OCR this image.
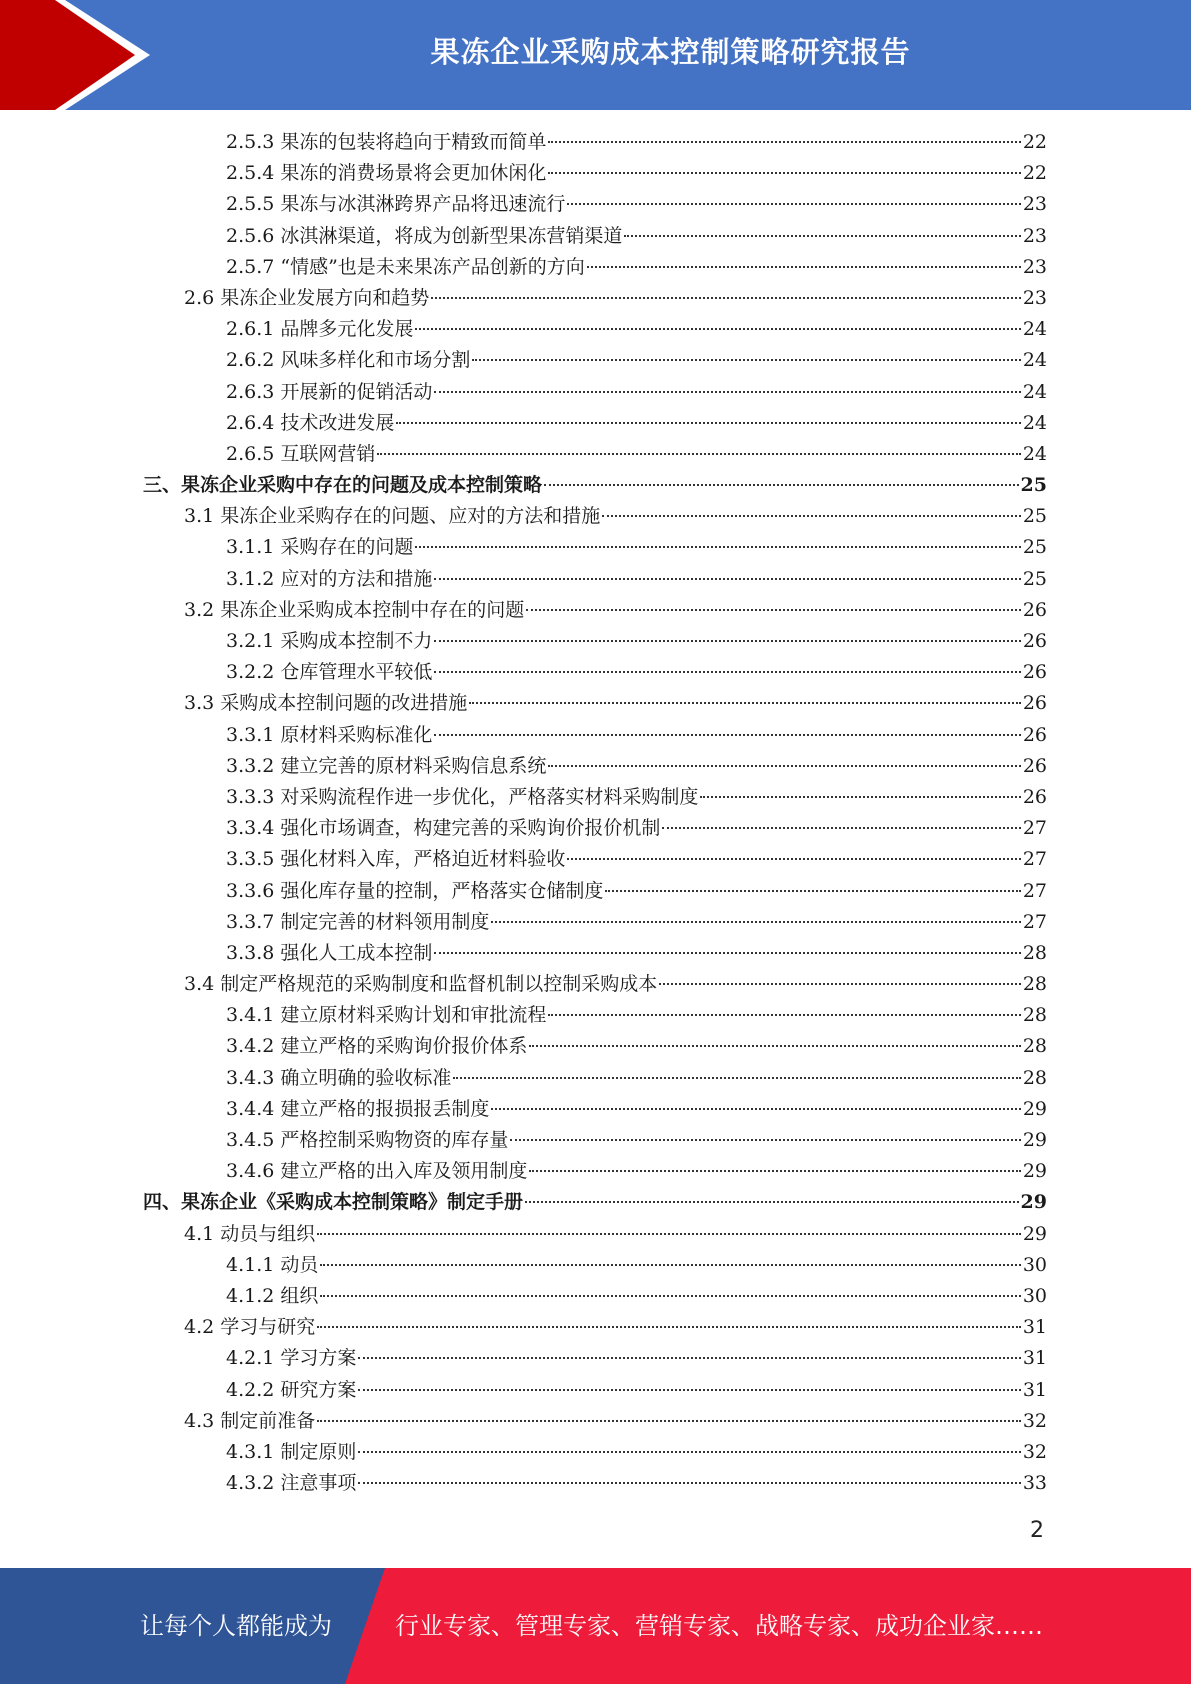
果冻企业采购成本控制策略研究报告
2.5.3 果冻的包装将趋向于精致而简单	22
2.5.4 果冻的消费场景将会更加休闲化	22
2.5.5 果冻与冰淇淋跨界产品将迅速流行	23
2.5.6 冰淇淋渠道，将成为创新型果冻营销渠道	23
2.5.7 “情感”也是未来果冻产品创新的方向	23
2.6 果冻企业发展方向和趋势	23
2.6.1 品牌多元化发展	24
2.6.2 风味多样化和市场分割	24
2.6.3 开展新的促销活动	24
2.6.4 技术改进发展	24
2.6.5 互联网营销	24
三、果冻企业采购中存在的问题及成本控制策略	25
3.1 果冻企业采购存在的问题、应对的方法和措施	25
3.1.1 采购存在的问题	25
3.1.2 应对的方法和措施	25
3.2 果冻企业采购成本控制中存在的问题	26
3.2.1 采购成本控制不力	26
3.2.2 仓库管理水平较低	26
3.3 采购成本控制问题的改进措施	26
3.3.1 原材料采购标准化	26
3.3.2 建立完善的原材料采购信息系统	26
3.3.3 对采购流程作进一步优化，严格落实材料采购制度	26
3.3.4 强化市场调查，构建完善的采购询价报价机制	27
3.3.5 强化材料入库，严格迫近材料验收	27
3.3.6 强化库存量的控制，严格落实仓储制度	27
3.3.7 制定完善的材料领用制度	27
3.3.8 强化人工成本控制	28
3.4 制定严格规范的采购制度和监督机制以控制采购成本	28
3.4.1 建立原材料采购计划和审批流程	28
3.4.2 建立严格的采购询价报价体系	28
3.4.3 确立明确的验收标准	28
3.4.4 建立严格的报损报丢制度	29
3.4.5 严格控制采购物资的库存量	29
3.4.6 建立严格的出入库及领用制度	29
四、果冻企业《采购成本控制策略》制定手册	29
4.1 动员与组织	29
4.1.1 动员	30
4.1.2 组织	30
4.2 学习与研究	31
4.2.1 学习方案	31
4.2.2 研究方案	31
4.3 制定前准备	32
4.3.1 制定原则	32
4.3.2 注意事项	33
2
让每个人都能成为	行业专家、管理专家、营销专家、战略专家、成功企业家……
